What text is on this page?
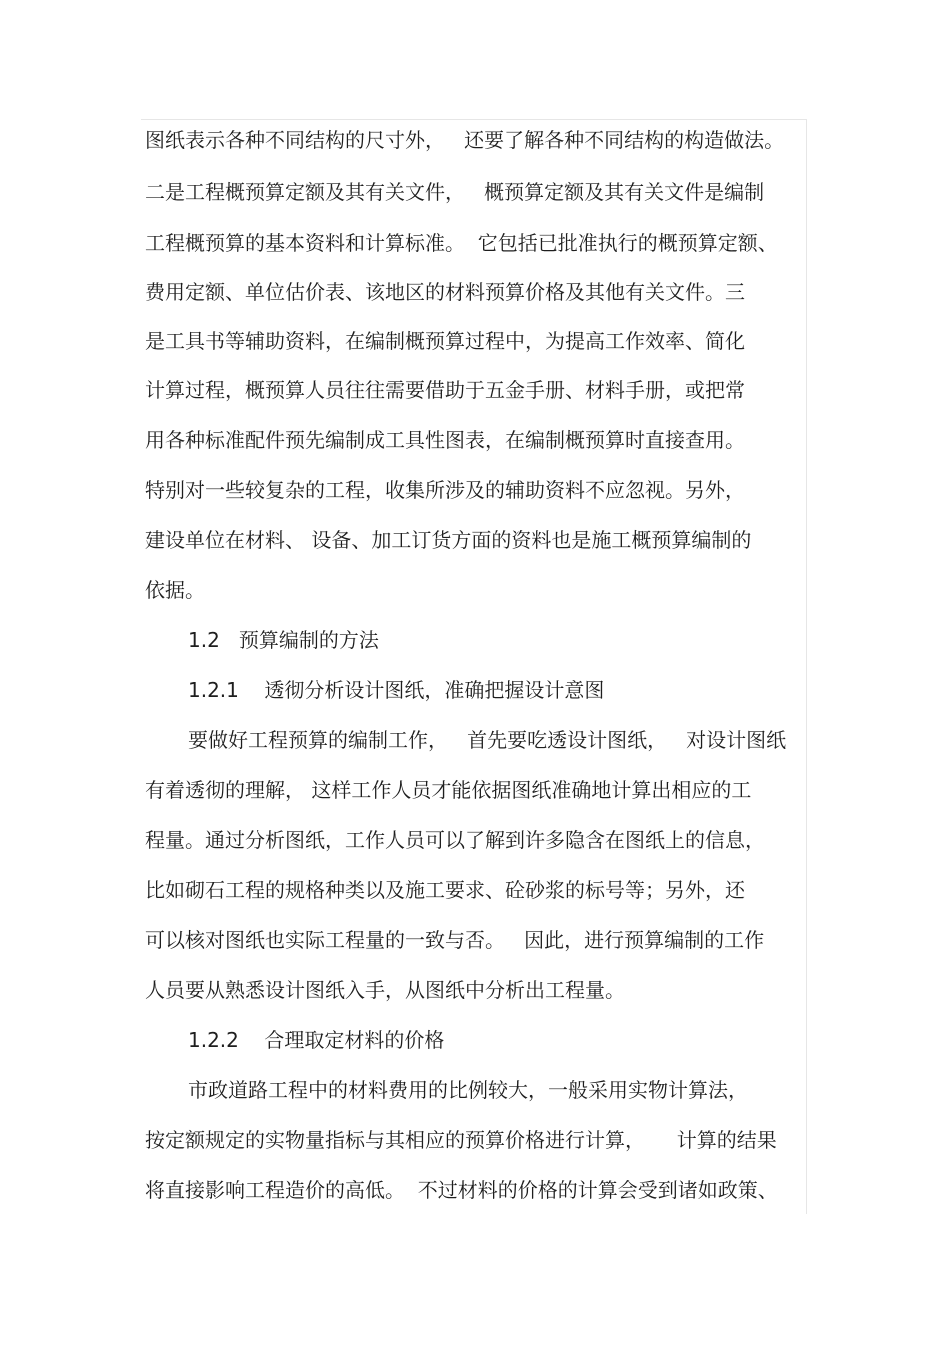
图纸表示各种不同结构的尺寸外，   还要了解各种不同结构的构造做法。
二是工程概预算定额及其有关文件，   概预算定额及其有关文件是编制
工程概预算的基本资料和计算标准。  它包括已批准执行的概预算定额、
费用定额、单位估价表、该地区的材料预算价格及其他有关文件。三
是工具书等辅助资料，在编制概预算过程中，为提高工作效率、简化
计算过程，概预算人员往往需要借助于五金手册、材料手册，或把常
用各种标准配件预先编制成工具性图表，在编制概预算时直接查用。
特别对一些较复杂的工程，收集所涉及的辅助资料不应忽视。另外，
建设单位在材料、 设备、加工订货方面的资料也是施工概预算编制的
依据。
1.2   预算编制的方法
1.2.1    透彻分析设计图纸，准确把握设计意图
要做好工程预算的编制工作，   首先要吃透设计图纸，   对设计图纸
有着透彻的理解， 这样工作人员才能依据图纸准确地计算出相应的工
程量。通过分析图纸，工作人员可以了解到许多隐含在图纸上的信息，
比如砌石工程的规格种类以及施工要求、砼砂浆的标号等；另外，还
可以核对图纸也实际工程量的一致与否。   因此，进行预算编制的工作
人员要从熟悉设计图纸入手，从图纸中分析出工程量。
1.2.2    合理取定材料的价格
市政道路工程中的材料费用的比例较大，一般采用实物计算法，
按定额规定的实物量指标与其相应的预算价格进行计算，     计算的结果
将直接影响工程造价的高低。  不过材料的价格的计算会受到诸如政策、
